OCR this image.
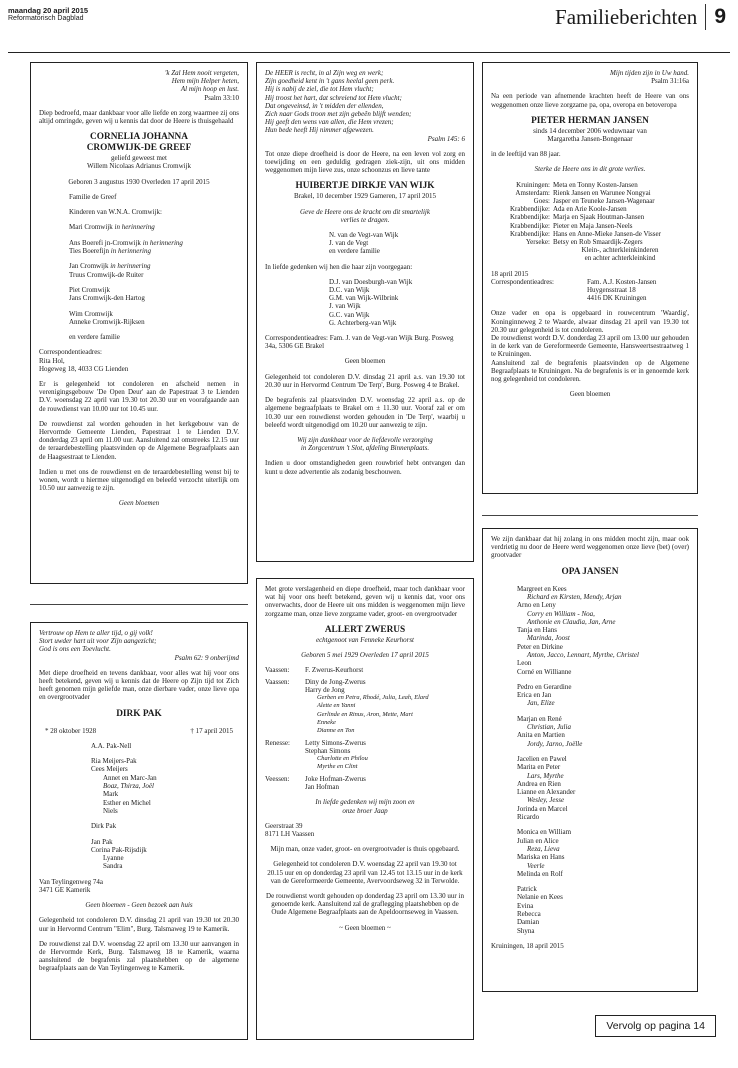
maandag 20 april 2015
Reformatorisch Dagblad	Familieberichten 9

'k Zal Hem nooit vergeten,

Hem mijn Helper heten,

Al mijn hoop en lust.

Psalm 33:10

Diep bedroefd, maar dankbaar voor alle liefde en zorg waarmee zij ons altijd omringde, geven wij u kennis dat door de Heere is thuisgehaald

CORNELIA JOHANNA

CROMWIJK-DE GREEF

geliefd geweest met

Willem Nicolaas Adrianus Cromwijk

Geboren 3 augustus 1930 Overleden 17 april 2015

Familie de Greef

Kinderen van W.N.A. Cromwijk:

Mari Cromwijk in herinnering

Ans Boerefi jn-Cromwijk in herinnering

Ties Boerefijn in herinnering

Jan Cromwijk in herinnering

Truus Cromwijk-de Ruiter

Piet Cromwijk

Jans Cromwijk-den Hartog

Wim Cromwijk

Anneke Cromwijk-Rijksen

en verdere familie

Correspondentieadres:

Rita Hol,

Hogeweg 18, 4033 CG Lienden

Er is gelegenheid tot condoleren en afscheid nemen in verenigingsgebouw 'De Open Deur' aan de Papestraat 3 te Lienden D.V. woensdag 22 april van 19.30 tot 20.30 uur en voorafgaande aan de rouwdienst van 10.00 uur tot 10.45 uur.

De rouwdienst zal worden gehouden in het kerkgebouw van de Hervormde Gemeente Lienden, Papestraat 1 te Lienden D.V. donderdag 23 april om 11.00 uur. Aansluitend zal omstreeks 12.15 uur de teraardebestelling plaatsvinden op de Algemene Begraafplaats aan de Haagsestraat te Lienden.

Indien u met ons de rouwdienst en de teraardebestelling wenst bij te wonen, wordt u hiermee uitgenodigd en beleefd verzocht uiterlijk om 10.50 uur aanwezig te zijn.

Geen bloemen

De HEER is recht, in al Zijn weg en werk;

Zijn goedheid kent in 't gans heelal geen perk.

Hij is nabij de ziel, die tot Hem vlucht;

Hij troost het hart, dat schreiend tot Hem vlucht;

Dat ongeveinsd, in 't midden der ellenden,

Zich naar Gods troon met zijn gebeên blijft wenden;

Hij geeft den wens van allen, die Hem vrezen;

Hun bede heeft Hij nimmer afgewezen.

Psalm 145: 6

Tot onze diepe droefheid is door de Heere, na een leven vol zorg en toewijding en een geduldig gedragen ziek-zijn, uit ons midden weggenomen mijn lieve zus, onze schoonzus en lieve tante

HUIBERTJE DIRKJE VAN WIJK

Brakel, 10 december 1929 Gameren, 17 april 2015

Geve de Heere ons de kracht om dit smartelijk

verlies te dragen.

N. van de Vegt-van Wijk

J. van de Vegt

en verdere familie

In liefde gedenken wij hen die haar zijn voorgegaan:

D.J. van Doesburgh-van Wijk

D.C. van Wijk

G.M. van Wijk-Wilbrink

J. van Wijk

G.C. van Wijk

G. Achterberg-van Wijk

Correspondentieadres: Fam. J. van de Vegt-van Wijk Burg. Posweg 34a, 5306 GE Brakel

Geen bloemen

Gelegenheid tot condoleren D.V. dinsdag 21 april a.s. van 19.30 tot 20.30 uur in Hervormd Centrum 'De Terp', Burg. Posweg 4 te Brakel.

De begrafenis zal plaatsvinden D.V. woensdag 22 april a.s. op de algemene begraafplaats te Brakel om ± 11.30 uur. Vooraf zal er om 10.30 uur een rouwdienst worden gehouden in 'De Terp', waarbij u beleefd wordt uitgenodigd om 10.20 uur aanwezig te zijn.

Wij zijn dankbaar voor de liefdevolle verzorging

in Zorgcentrum 't Slot, afdeling Binnenplaats.

Indien u door omstandigheden geen rouwbrief hebt ontvangen dan kunt u deze advertentie als zodanig beschouwen.

Mijn tijden zijn in Uw hand.

Psalm 31:16a

Na een periode van afnemende krachten heeft de Heere van ons weggenomen onze lieve zorgzame pa, opa, overopa en betoveropa

PIETER HERMAN JANSEN

sinds 14 december 2006 weduwnaar van

Margaretha Jansen-Bongenaar

in de leeftijd van 88 jaar.

Sterke de Heere ons in dit grote verlies.

Kruiningen: Meta en Tonny Kosten-Jansen
Amsterdam: Rienk Jansen en Warunee Nongyai
Goes: Jasper en Teuneke Jansen-Wagenaar
Krabbendijke: Ada en Arie Koole-Jansen
Krabbendijke: Marja en Sjaak Houtman-Jansen
Krabbendijke: Pieter en Maja Jansen-Neels
Krabbendijke: Hans en Anne-Mieke Jansen-de Visser
Yerseke: Betsy en Rob Smaardijk-Zegers

Klein-, achterkleinkinderen

en achter achterkleinkind

18 april 2015

Correspondentieadres:	Fam. A.J. Kosten-Jansen

Huygensstraat 18

4416 DK Kruiningen

Onze vader en opa is opgebaard in rouwcentrum 'Waardig', Koninginneweg 2 te Waarde, alwaar dinsdag 21 april van 19.30 tot 20.30 uur gelegenheid is tot condoleren.

De rouwdienst wordt D.V. donderdag 23 april om 13.00 uur gehouden in de kerk van de Gereformeerde Gemeente, Hansweertsestraatweg 1 te Kruiningen.

Aansluitend zal de begrafenis plaatsvinden op de Algemene Begraafplaats te Kruiningen. Na de begrafenis is er in genoemde kerk nog gelegenheid tot condoleren.

Geen bloemen

Vertrouw op Hem te aller tijd, o gij volk!

Stort uwder hart uit voor Zijn aangezicht;

God is ons een Toevlucht.

Psalm 62: 9 onberijmd

Met diepe droefheid en tevens dankbaar, voor alles wat hij voor ons heeft betekend, geven wij u kennis dat de Heere op Zijn tijd tot Zich heeft genomen mijn geliefde man, onze dierbare vader, onze lieve opa en overgrootvader

DIRK PAK

* 28 oktober 1928	† 17 april 2015

A.A. Pak-Nell

Ria Meijers-Pak

Cees Meijers

Annet en Marc-Jan

Boaz, Thirza, Joël

Mark

Esther en Michel

Niels

Dirk Pak

Jan Pak

Corina Pak-Rijsdijk

Lyanne

Sandra

Van Teylingenweg 74a

3471 GE Kamerik

Geen bloemen - Geen bezoek aan huis

Gelegenheid tot condoleren D.V. dinsdag 21 april van 19.30 tot 20.30 uur in Hervormd Centrum "Elim", Burg. Talsmaweg 19 te Kamerik.

De rouwdienst zal D.V. woensdag 22 april om 13.30 uur aanvangen in de Hervormde Kerk, Burg. Talsmaweg 18 te Kamerik, waarna aansluitend de begrafenis zal plaatshebben op de algemene begraafplaats aan de Van Teylingenweg te Kamerik.

Met grote verslagenheid en diepe droefheid, maar toch dankbaar voor wat hij voor ons heeft betekend, geven wij u kennis dat, voor ons onverwachts, door de Heere uit ons midden is weggenomen mijn lieve zorgzame man, onze lieve zorgzame vader, groot- en overgrootvader

ALLERT ZWERUS

echtgenoot van Fenneke Keurhorst

Geboren 5 mei 1929 Overleden 17 april 2015

Vaassen:	F. Zwerus-Keurhorst

Vaassen:	Diny de Jong-Zwerus

Harry de Jong

Gerben en Petra, Rhodé, Julia, Leah, Elard

Alette en Yanni

Gerlinde en Rinus, Aron, Mette, Mart

Enneke

Dianne en Ton

Renesse:	Letty Simons-Zwerus

Stephan Simons

Charlotte en Philou

Myrthe en Clint

Veessen:	Joke Hofman-Zwerus

Jan Hofman

In liefde gedenken wij mijn zoon en

onze broer Jaap

Geerstraat 39

8171 LH Vaassen

Mijn man, onze vader, groot- en overgrootvader is thuis opgebaard.

Gelegenheid tot condoleren D.V. woensdag 22 april van 19.30 tot 20.15 uur en op donderdag 23 april van 12.45 tot 13.15 uur in de kerk van de Gereformeerde Gemeente, Avervoordseweg 32 in Terwolde.

De rouwdienst wordt gehouden op donderdag 23 april om 13.30 uur in genoemde kerk. Aansluitend zal de grafleggíng plaatshebben op de Oude Algemene Begraafplaats aan de Apeldoornseweg in Vaassen.

~ Geen bloemen ~

We zijn dankbaar dat hij zolang in ons midden mocht zijn, maar ook verdrietig nu door de Heere werd weggenomen onze lieve (bet) (over) grootvader

OPA JANSEN

Margreet en Kees

Richard en Kirsten, Mendy, Arjan

Arno en Leny

Corry en William - Noa,

Anthonie en Claudia, Jan, Arne

Tanja en Hans

Marinda, Joost

Peter en Dirkine

Anton, Jacco, Lennart, Myrthe, Christel

Leon

Corné en Willianne

Pedro en Gerardine

Erica en Jan

Jan, Elize

Marjan en René

Christian, Julia

Anita en Martien

Jordy, Jarno, Joëlle

Jacelien en Pawel

Marita en Peter

Lars, Myrthe

Andrea en Rien

Lianne en Alexander

Wesley, Jesse

Jorinda en Marcel

Ricardo

Monica en William

Julian en Alice

Reza, Lieva

Mariska en Hans

Veerle

Melinda en Rolf

Patrick

Nelanie en Kees

Evina

Rebecca

Damian

Shyna

Kruiningen, 18 april 2015

Vervolg op pagina 14
